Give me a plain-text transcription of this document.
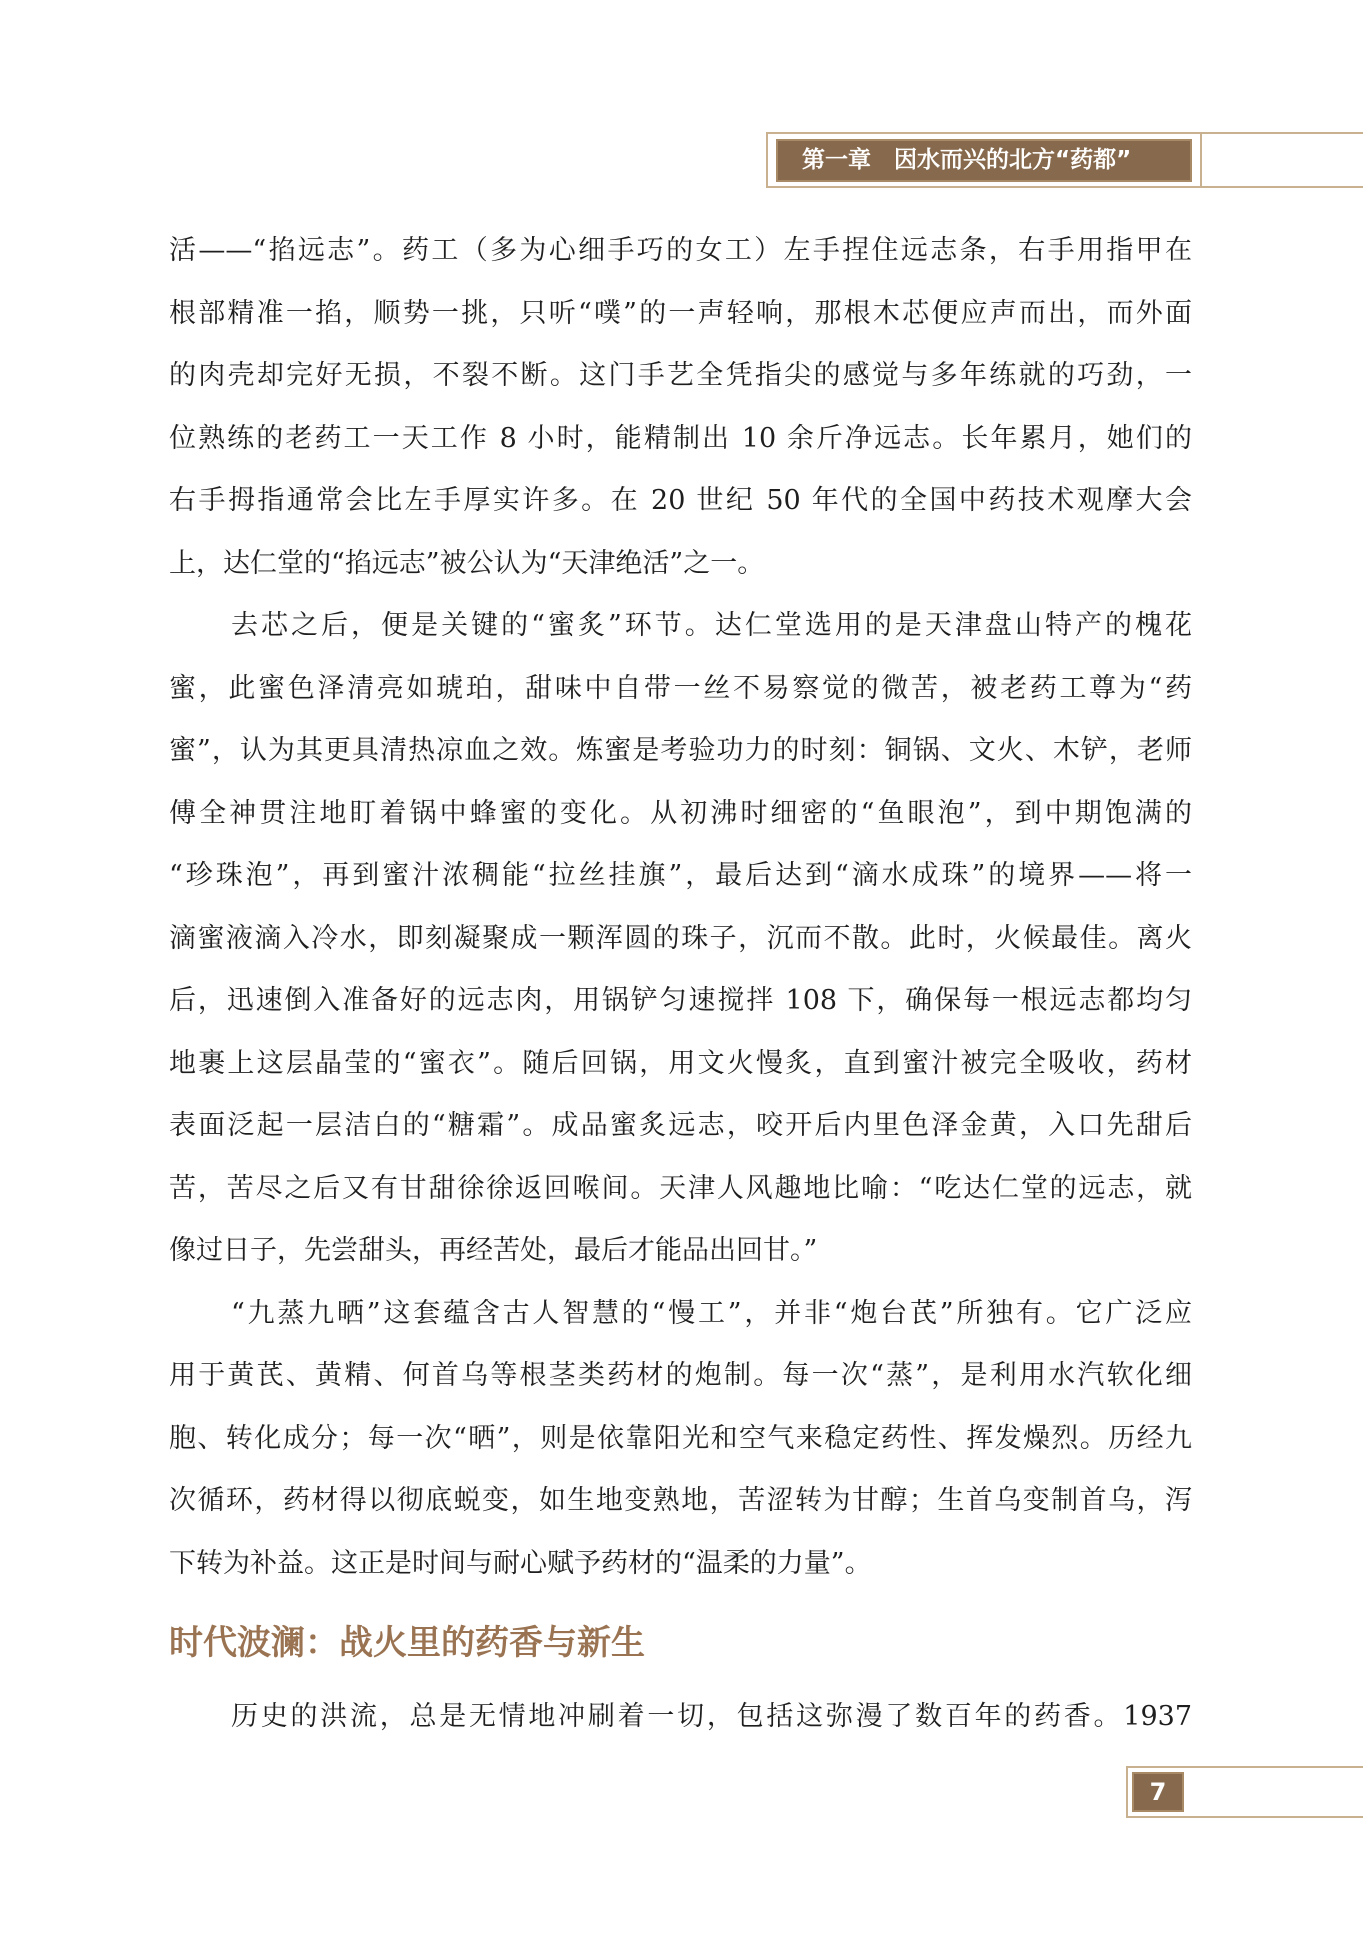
第一章　因水而兴的北方“药都”

活——“掐远志”。药工（多为心细手巧的女工）左手捏住远志条，右手用指甲在
根部精准一掐，顺势一挑，只听“噗”的一声轻响，那根木芯便应声而出，而外面
的肉壳却完好无损，不裂不断。这门手艺全凭指尖的感觉与多年练就的巧劲，一
位熟练的老药工一天工作 8 小时，能精制出 10 余斤净远志。长年累月，她们的
右手拇指通常会比左手厚实许多。在 20 世纪 50 年代的全国中药技术观摩大会
上，达仁堂的“掐远志”被公认为“天津绝活”之一。

去芯之后，便是关键的“蜜炙”环节。达仁堂选用的是天津盘山特产的槐花
蜜，此蜜色泽清亮如琥珀，甜味中自带一丝不易察觉的微苦，被老药工尊为“药
蜜”，认为其更具清热凉血之效。炼蜜是考验功力的时刻：铜锅、文火、木铲，老师
傅全神贯注地盯着锅中蜂蜜的变化。从初沸时细密的“鱼眼泡”，到中期饱满的
“珍珠泡”，再到蜜汁浓稠能“拉丝挂旗”，最后达到“滴水成珠”的境界——将一
滴蜜液滴入冷水，即刻凝聚成一颗浑圆的珠子，沉而不散。此时，火候最佳。离火
后，迅速倒入准备好的远志肉，用锅铲匀速搅拌 108 下，确保每一根远志都均匀
地裹上这层晶莹的“蜜衣”。随后回锅，用文火慢炙，直到蜜汁被完全吸收，药材
表面泛起一层洁白的“糖霜”。成品蜜炙远志，咬开后内里色泽金黄，入口先甜后
苦，苦尽之后又有甘甜徐徐返回喉间。天津人风趣地比喻：“吃达仁堂的远志，就
像过日子，先尝甜头，再经苦处，最后才能品出回甘。”

“九蒸九晒”这套蕴含古人智慧的“慢工”，并非“炮台芪”所独有。它广泛应
用于黄芪、黄精、何首乌等根茎类药材的炮制。每一次“蒸”，是利用水汽软化细
胞、转化成分；每一次“晒”，则是依靠阳光和空气来稳定药性、挥发燥烈。历经九
次循环，药材得以彻底蜕变，如生地变熟地，苦涩转为甘醇；生首乌变制首乌，泻
下转为补益。这正是时间与耐心赋予药材的“温柔的力量”。

时代波澜：战火里的药香与新生
历史的洪流，总是无情地冲刷着一切，包括这弥漫了数百年的药香。1937
7
